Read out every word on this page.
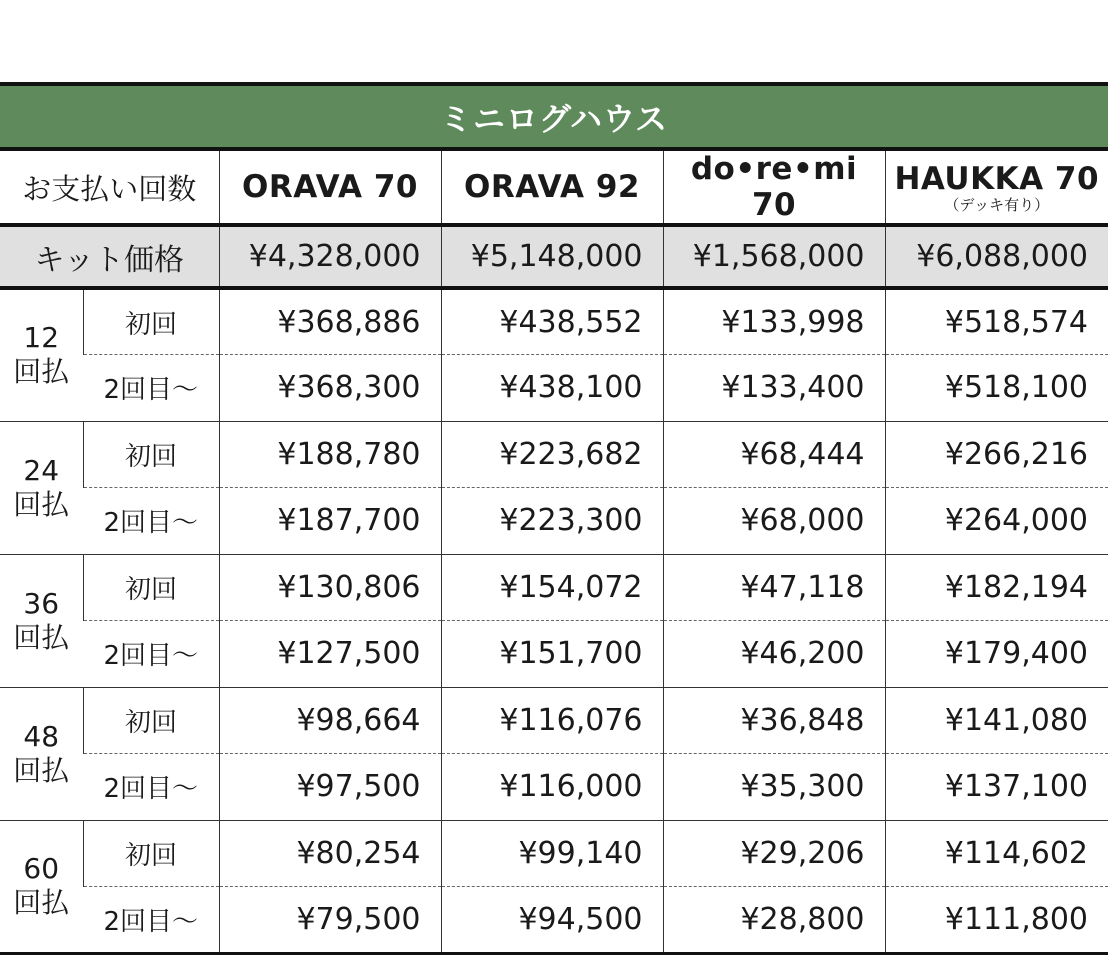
ミニログハウス
お支払い回数		ORAVA 70	ORAVA 92	do•re•mi 70	HAUKKA 70
（デッキ有り）

キット価格		¥4,328,000	¥5,148,000	¥1,568,000	¥6,088,000
12
回払	初回	¥368,886	¥438,552	¥133,998	¥518,574
	2回目〜	¥368,300	¥438,100	¥133,400	¥518,100
24
回払	初回	¥188,780	¥223,682	¥68,444	¥266,216
	2回目〜	¥187,700	¥223,300	¥68,000	¥264,000
36
回払	初回	¥130,806	¥154,072	¥47,118	¥182,194
	2回目〜	¥127,500	¥151,700	¥46,200	¥179,400
48
回払	初回	¥98,664	¥116,076	¥36,848	¥141,080
	2回目〜	¥97,500	¥116,000	¥35,300	¥137,100
60
回払	初回	¥80,254	¥99,140	¥29,206	¥114,602
	2回目〜	¥79,500	¥94,500	¥28,800	¥111,800
